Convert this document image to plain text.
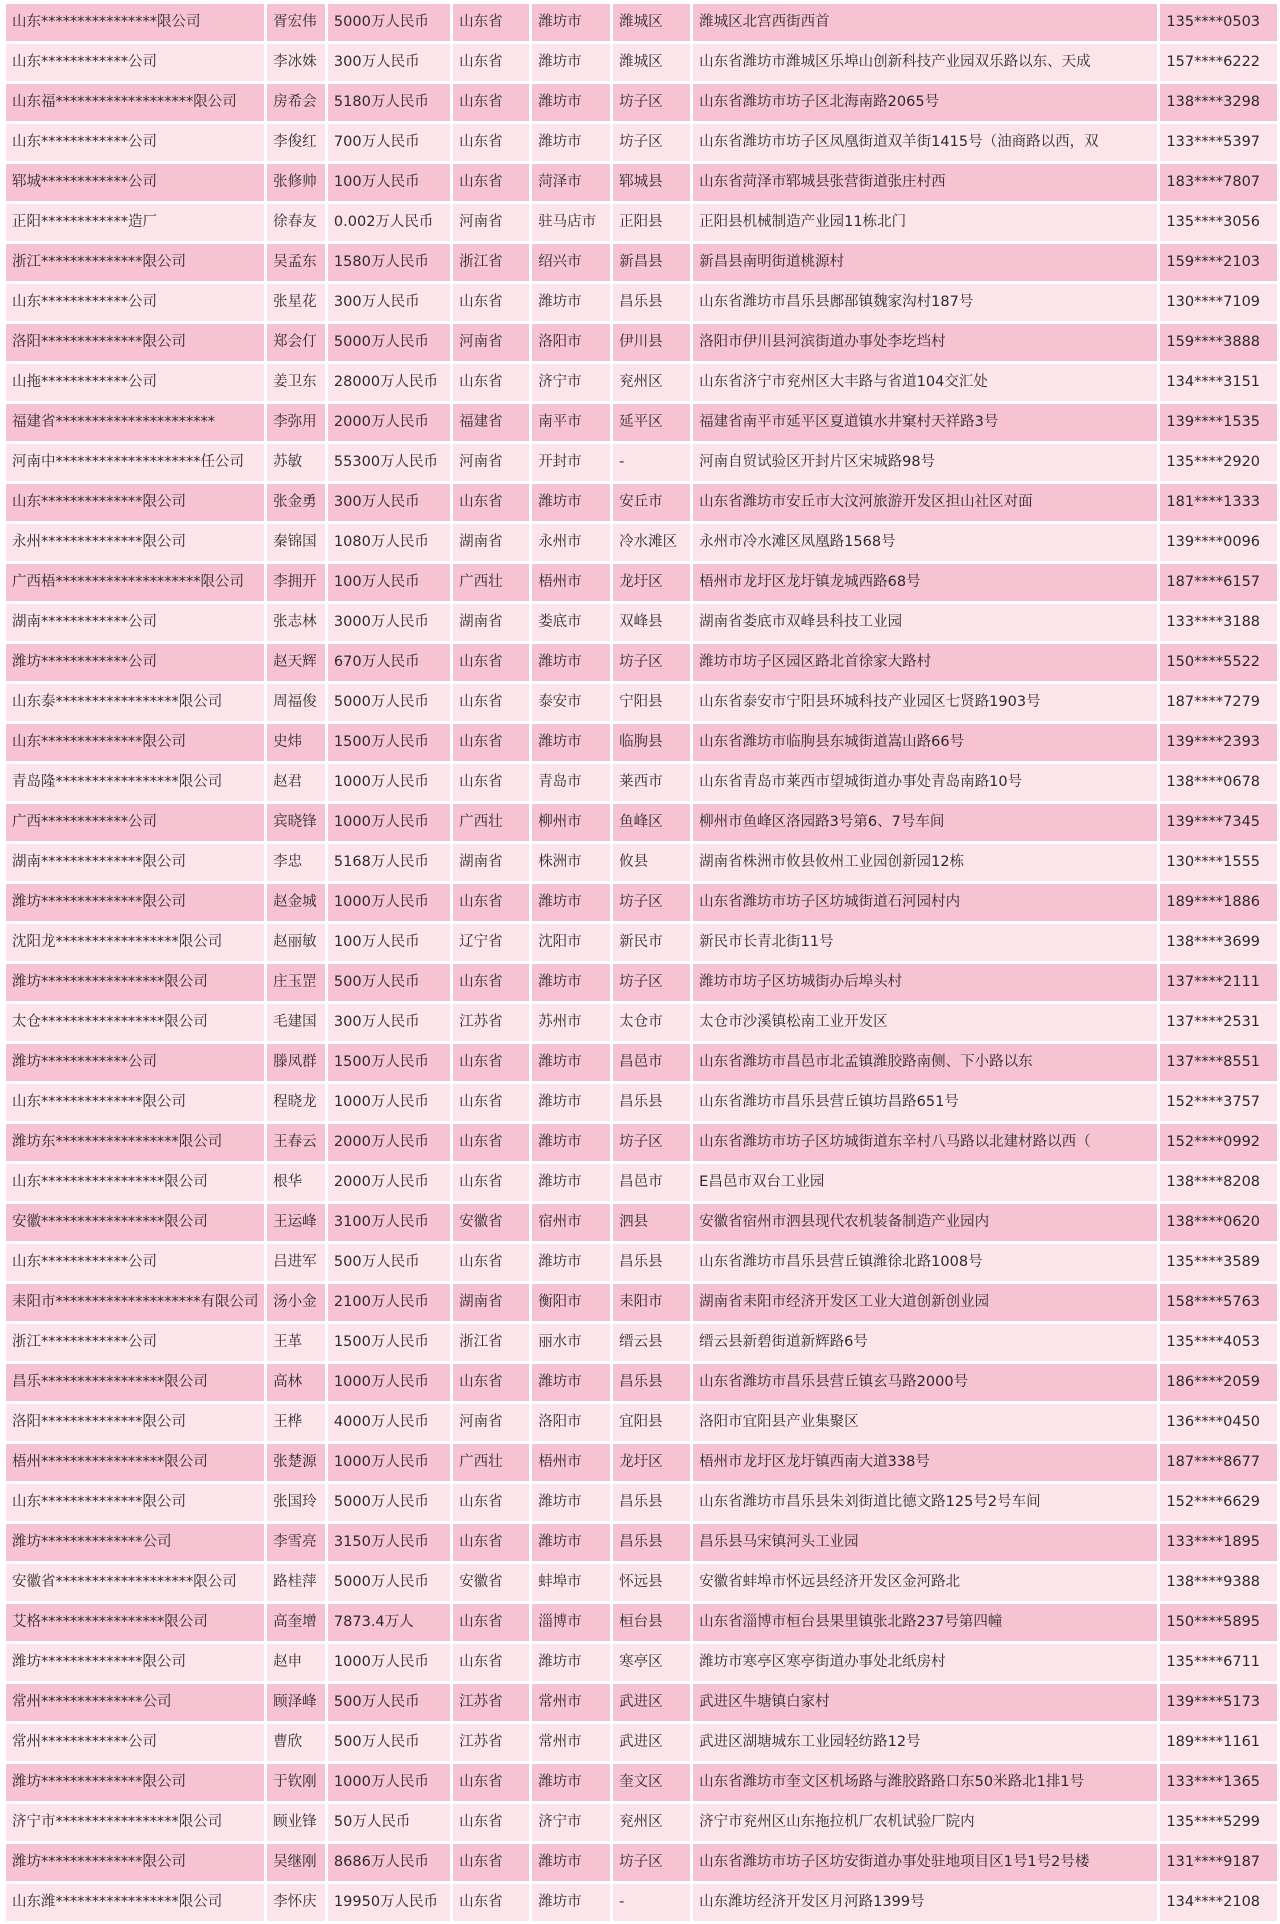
山东****************限公司	胥宏伟	5000万人民币	山东省	潍坊市	潍城区	潍城区北宫西街西首	135****0503
山东************公司	李冰姝	300万人民币	山东省	潍坊市	潍城区	山东省潍坊市潍城区乐埠山创新科技产业园双乐路以东、天成	157****6222
山东福*******************限公司	房希会	5180万人民币	山东省	潍坊市	坊子区	山东省潍坊市坊子区北海南路2065号	138****3298
山东************公司	李俊红	700万人民币	山东省	潍坊市	坊子区	山东省潍坊市坊子区凤凰街道双羊街1415号（油商路以西，双	133****5397
郓城************公司	张修帅	100万人民币	山东省	菏泽市	郓城县	山东省菏泽市郓城县张营街道张庄村西	183****7807
正阳************造厂	徐春友	0.002万人民币	河南省	驻马店市	正阳县	正阳县机械制造产业园11栋北门	135****3056
浙江**************限公司	吴孟东	1580万人民币	浙江省	绍兴市	新昌县	新昌县南明街道桃源村	159****2103
山东************公司	张星花	300万人民币	山东省	潍坊市	昌乐县	山东省潍坊市昌乐县鄌郚镇魏家沟村187号	130****7109
洛阳**************限公司	郑会仃	5000万人民币	河南省	洛阳市	伊川县	洛阳市伊川县河滨街道办事处李圪垱村	159****3888
山拖************公司	姜卫东	28000万人民币	山东省	济宁市	兖州区	山东省济宁市兖州区大丰路与省道104交汇处	134****3151
福建省**********************	李弥用	2000万人民币	福建省	南平市	延平区	福建省南平市延平区夏道镇水井窠村天祥路3号	139****1535
河南中********************任公司	苏敏	55300万人民币	河南省	开封市	-	河南自贸试验区开封片区宋城路98号	135****2920
山东**************限公司	张金勇	300万人民币	山东省	潍坊市	安丘市	山东省潍坊市安丘市大汶河旅游开发区担山社区对面	181****1333
永州**************限公司	秦锦国	1080万人民币	湖南省	永州市	冷水滩区	永州市冷水滩区凤凰路1568号	139****0096
广西梧********************限公司	李拥开	100万人民币	广西壮	梧州市	龙圩区	梧州市龙圩区龙圩镇龙城西路68号	187****6157
湖南************公司	张志林	3000万人民币	湖南省	娄底市	双峰县	湖南省娄底市双峰县科技工业园	133****3188
潍坊************公司	赵天辉	670万人民币	山东省	潍坊市	坊子区	潍坊市坊子区园区路北首徐家大路村	150****5522
山东泰*****************限公司	周福俊	5000万人民币	山东省	泰安市	宁阳县	山东省泰安市宁阳县环城科技产业园区七贤路1903号	187****7279
山东**************限公司	史炜	1500万人民币	山东省	潍坊市	临朐县	山东省潍坊市临朐县东城街道嵩山路66号	139****2393
青岛隆*****************限公司	赵君	1000万人民币	山东省	青岛市	莱西市	山东省青岛市莱西市望城街道办事处青岛南路10号	138****0678
广西************公司	宾晓锋	1000万人民币	广西壮	柳州市	鱼峰区	柳州市鱼峰区洛园路3号第6、7号车间	139****7345
湖南**************限公司	李忠	5168万人民币	湖南省	株洲市	攸县	湖南省株洲市攸县攸州工业园创新园12栋	130****1555
潍坊**************限公司	赵金城	1000万人民币	山东省	潍坊市	坊子区	山东省潍坊市坊子区坊城街道石河园村内	189****1886
沈阳龙*****************限公司	赵丽敏	100万人民币	辽宁省	沈阳市	新民市	新民市长青北街11号	138****3699
潍坊*****************限公司	庄玉罡	500万人民币	山东省	潍坊市	坊子区	潍坊市坊子区坊城街办后埠头村	137****2111
太仓*****************限公司	毛建国	300万人民币	江苏省	苏州市	太仓市	太仓市沙溪镇松南工业开发区	137****2531
潍坊************公司	滕凤群	1500万人民币	山东省	潍坊市	昌邑市	山东省潍坊市昌邑市北孟镇潍胶路南侧、下小路以东	137****8551
山东**************限公司	程晓龙	1000万人民币	山东省	潍坊市	昌乐县	山东省潍坊市昌乐县营丘镇坊昌路651号	152****3757
潍坊东*****************限公司	王春云	2000万人民币	山东省	潍坊市	坊子区	山东省潍坊市坊子区坊城街道东辛村八马路以北建材路以西（	152****0992
山东*****************限公司	根华	2000万人民币	山东省	潍坊市	昌邑市	E昌邑市双台工业园	138****8208
安徽*****************限公司	王运峰	3100万人民币	安徽省	宿州市	泗县	安徽省宿州市泗县现代农机装备制造产业园内	138****0620
山东************公司	吕进军	500万人民币	山东省	潍坊市	昌乐县	山东省潍坊市昌乐县营丘镇潍徐北路1008号	135****3589
耒阳市********************有限公司	汤小金	2100万人民币	湖南省	衡阳市	耒阳市	湖南省耒阳市经济开发区工业大道创新创业园	158****5763
浙江************公司	王革	1500万人民币	浙江省	丽水市	缙云县	缙云县新碧街道新辉路6号	135****4053
昌乐*****************限公司	高林	1000万人民币	山东省	潍坊市	昌乐县	山东省潍坊市昌乐县营丘镇玄马路2000号	186****2059
洛阳**************限公司	王桦	4000万人民币	河南省	洛阳市	宜阳县	洛阳市宜阳县产业集聚区	136****0450
梧州*****************限公司	张楚源	1000万人民币	广西壮	梧州市	龙圩区	梧州市龙圩区龙圩镇西南大道338号	187****8677
山东**************限公司	张国玲	5000万人民币	山东省	潍坊市	昌乐县	山东省潍坊市昌乐县朱刘街道比德文路125号2号车间	152****6629
潍坊**************公司	李雪亮	3150万人民币	山东省	潍坊市	昌乐县	昌乐县马宋镇河头工业园	133****1895
安徽省*******************限公司	路桂萍	5000万人民币	安徽省	蚌埠市	怀远县	安徽省蚌埠市怀远县经济开发区金河路北	138****9388
艾格*****************限公司	高奎增	7873.4万人	山东省	淄博市	桓台县	山东省淄博市桓台县果里镇张北路237号第四幢	150****5895
潍坊**************限公司	赵申	1000万人民币	山东省	潍坊市	寒亭区	潍坊市寒亭区寒亭街道办事处北纸房村	135****6711
常州**************公司	顾泽峰	500万人民币	江苏省	常州市	武进区	武进区牛塘镇白家村	139****5173
常州************公司	曹欣	500万人民币	江苏省	常州市	武进区	武进区湖塘城东工业园轻纺路12号	189****1161
潍坊**************限公司	于钦刚	1000万人民币	山东省	潍坊市	奎文区	山东省潍坊市奎文区机场路与潍胶路路口东50米路北1排1号	133****1365
济宁市*****************限公司	顾业锋	50万人民币	山东省	济宁市	兖州区	济宁市兖州区山东拖拉机厂农机试验厂院内	135****5299
潍坊**************限公司	吴继刚	8686万人民币	山东省	潍坊市	坊子区	山东省潍坊市坊子区坊安街道办事处驻地项目区1号1号2号楼	131****9187
山东潍*****************限公司	李怀庆	19950万人民币	山东省	潍坊市	-	山东潍坊经济开发区月河路1399号	134****2108
